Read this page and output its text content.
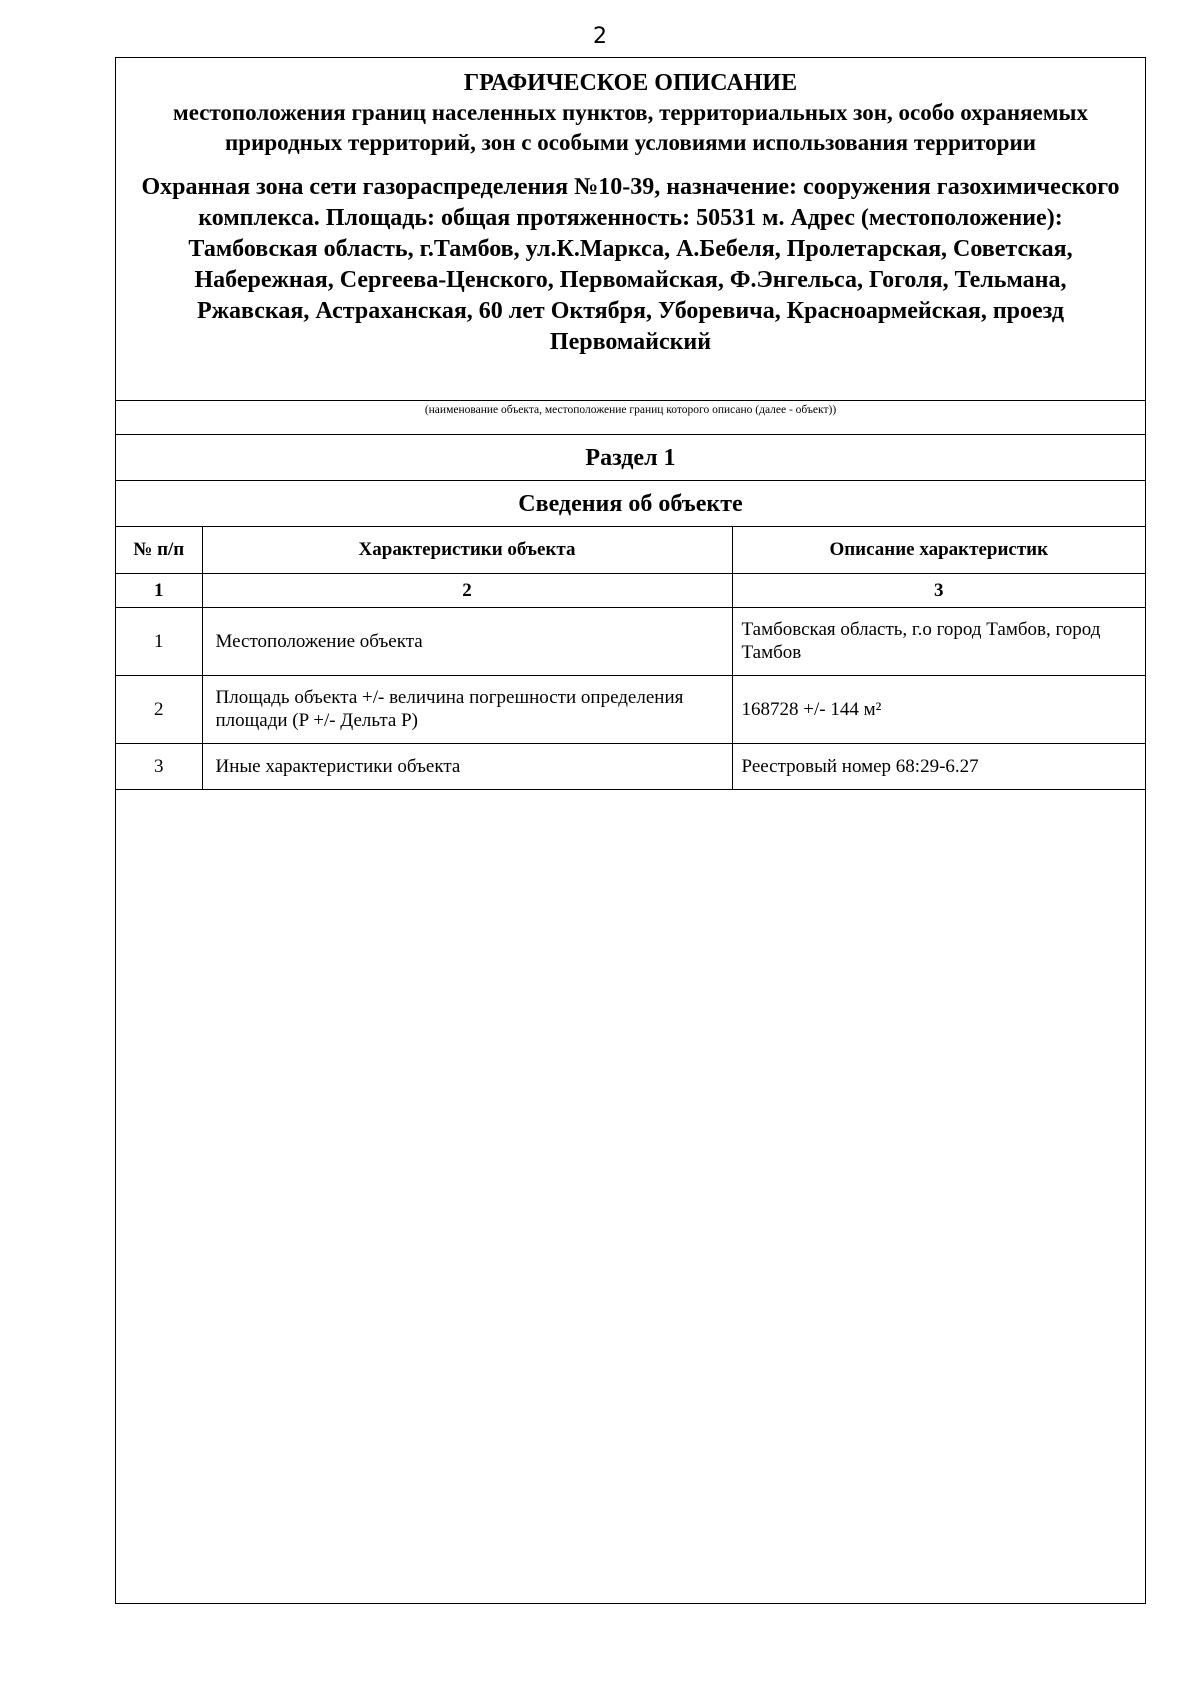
2
ГРАФИЧЕСКОЕ ОПИСАНИЕ
местоположения границ населенных пунктов, территориальных зон, особо охраняемых природных территорий, зон с особыми условиями использования территории
Охранная зона сети газораспределения №10-39, назначение: сооружения газохимического комплекса. Площадь: общая протяженность: 50531 м. Адрес (местоположение): Тамбовская область, г.Тамбов, ул.К.Маркса, А.Бебеля, Пролетарская, Советская, Набережная, Сергеева-Ценского, Первомайская, Ф.Энгельса, Гоголя, Тельмана, Ржавская, Астраханская, 60 лет Октября, Уборевича, Красноармейская, проезд Первомайский
(наименование объекта, местоположение границ которого описано (далее - объект))
Раздел 1
Сведения об объекте
№ п/п	Характеристики объекта	Описание характеристик
1	2	3
1	Местоположение объекта	Тамбовская область, г.о город Тамбов, город Тамбов
2	Площадь объекта +/- величина погрешности определения площади (P +/- Дельта P)	168728 +/- 144 м²
3	Иные характеристики объекта	Реестровый номер 68:29-6.27
